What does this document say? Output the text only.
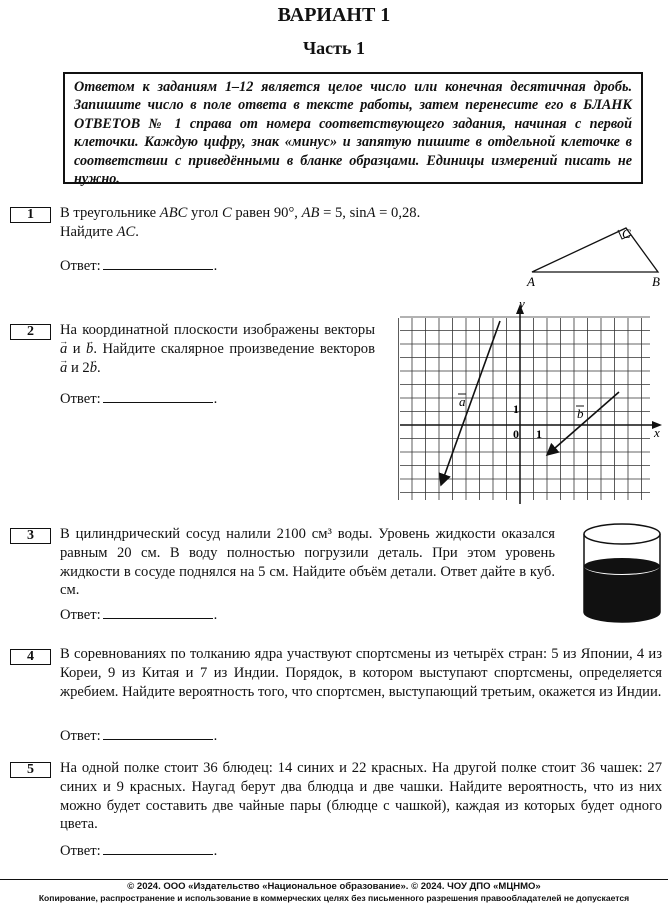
ВАРИАНТ 1
Часть 1
Ответом к заданиям 1–12 является целое число или конечная десятичная дробь. Запишите число в поле ответа в тексте работы, затем перенесите его в БЛАНК ОТВЕТОВ № 1 справа от номера соответствующего задания, начиная с первой клеточки. Каждую цифру, знак «минус» и запятую пишите в отдельной клеточке в соответствии с приведёнными в бланке образцами. Единицы измерений писать не нужно.
1	В треугольнике ABC угол C равен 90°, AB = 5, sinA = 0,28.
Найдите AC.
Ответ:	.
A	B
C
2	На координатной плоскости изображены векторы → a и → b. Найдите скалярное произведение векторов → a и 2→ b.
Ответ:	.
y
x
0 1
1
a
b
3	В цилиндрический сосуд налили 2100 см³ воды. Уровень жидкости оказался равным 20 см. В воду полностью погрузили деталь. При этом уровень жидкости в сосуде поднялся на 5 см. Найдите объём детали. Ответ дайте в куб. см.
Ответ:	.
4	В соревнованиях по толканию ядра участвуют спортсмены из четырёх стран: 5 из Японии, 4 из Кореи, 9 из Китая и 7 из Индии. Порядок, в котором выступают спортсмены, определяется жребием. Найдите вероятность того, что спортсмен, выступающий третьим, окажется из Индии.
Ответ:	.
5	На одной полке стоит 36 блюдец: 14 синих и 22 красных. На другой полке стоит 36 чашек: 27 синих и 9 красных. Наугад берут два блюдца и две чашки. Найдите вероятность, что из них можно будет составить две чайные пары (блюдце с чашкой), каждая из которых будет одного цвета.
Ответ:	.
© 2024. ООО «Издательство «Национальное образование». © 2024. ЧОУ ДПО «МЦНМО»
Копирование, распространение и использование в коммерческих целях без письменного разрешения правообладателей не допускается
